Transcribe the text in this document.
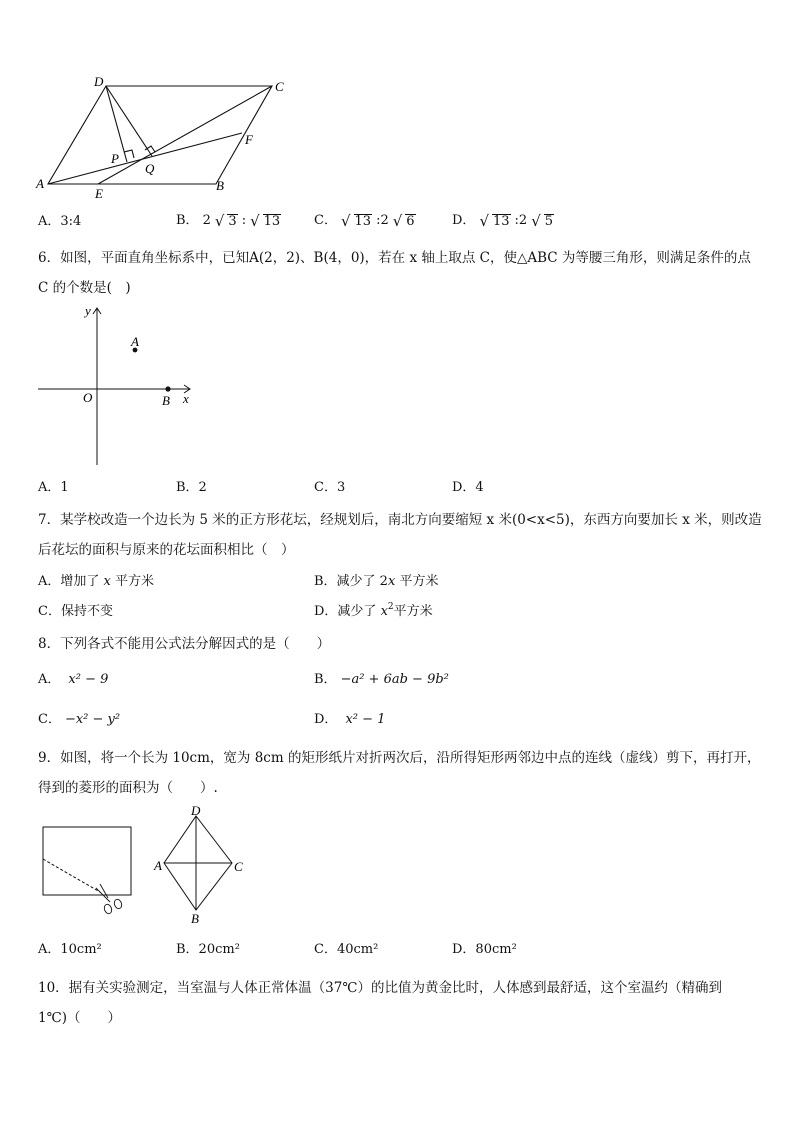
D	C
A	B
E
F
P
Q
A．3:4	B． 2 √ 3 : √ 13	C． √ 13 :2 √ 6	D． √ 13 :2 √ 5
6．如图，平面直角坐标系中，已知A(2，2)、B(4，0)，若在 x 轴上取点 C，使△ABC 为等腰三角形，则满足条件的点
C 的个数是(　)
y
x
O
A
B
A．1	B．2	C．3	D．4
7．某学校改造一个边长为 5 米的正方形花坛，经规划后，南北方向要缩短 x 米(0<x<5)，东西方向要加长 x 米，则改造
后花坛的面积与原来的花坛面积相比（　）
A．增加了 x 平方米	B．减少了 2x 平方米
C．保持不变	D．减少了 $x^2$平方米
8．下列各式不能用公式法分解因式的是（　　）
A． x² − 9	B． −a² + 6ab − 9b²
C． −x² − y²	D． x² − 1
9．如图，将一个长为 10cm，宽为 8cm 的矩形纸片对折两次后，沿所得矩形两邻边中点的连线（虚线）剪下，再打开，
得到的菱形的面积为（　　）.
D
A	C
B
A．10cm²	B．20cm²	C．40cm²	D．80cm²
10．据有关实验测定，当室温与人体正常体温（37℃）的比值为黄金比时，人体感到最舒适，这个室温约（精确到
1℃)（　　）
